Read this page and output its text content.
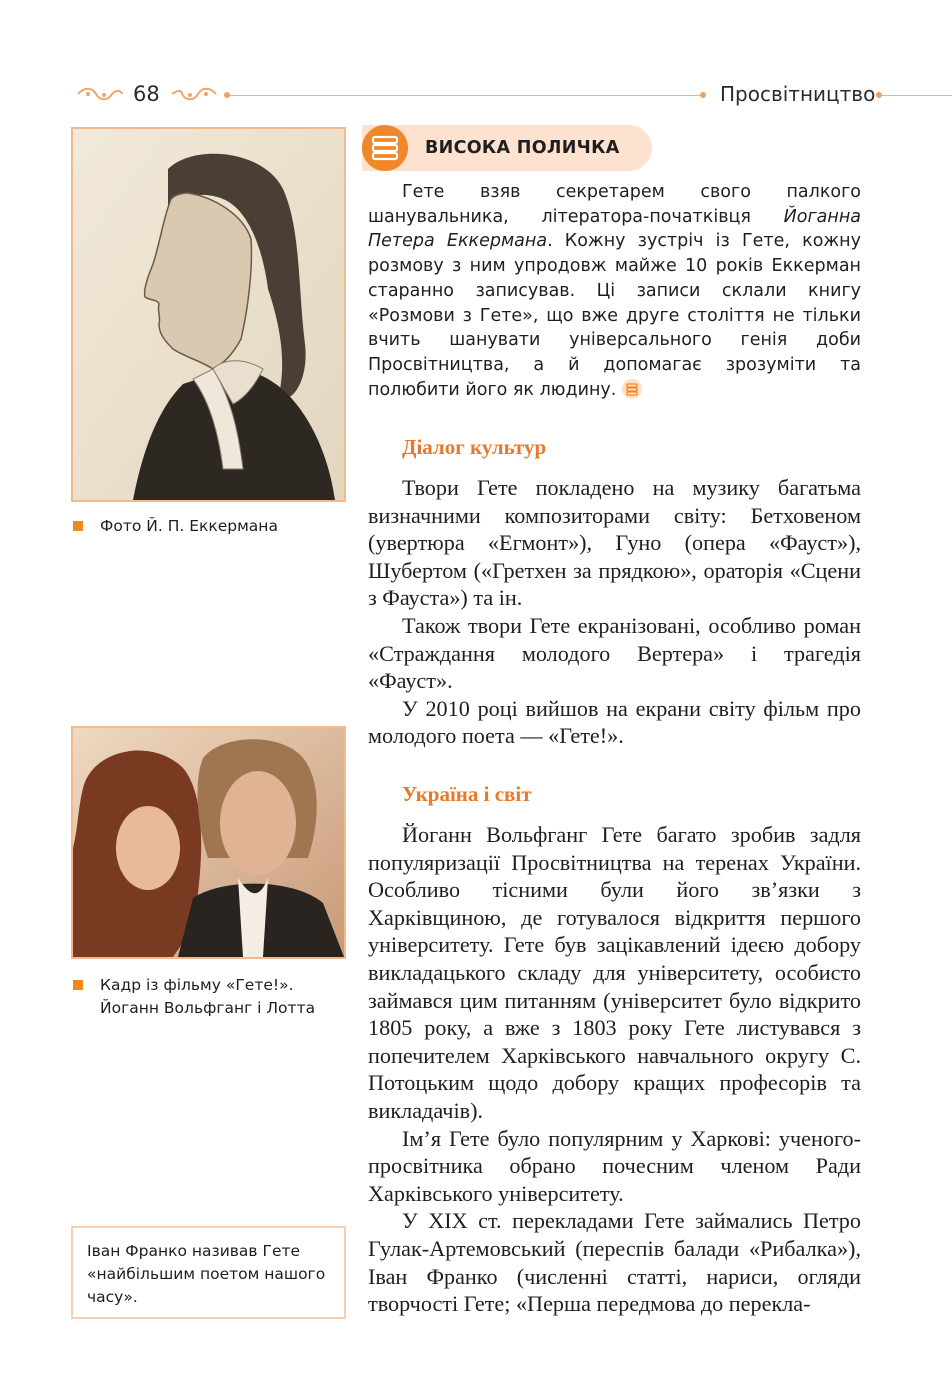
68	Просвітництво
Фото Й. П. Еккермана
Кадр із фільму «Гете!».
Йоганн Вольфганг і Лотта
Іван Франко називав Гете «найбільшим поетом нашого часу».
ВИСОКА ПОЛИЧКА

Гете взяв секретарем свого палкого шанувальника, літератора-початківця Йоганна Петера Еккермана. Кожну зустріч із Гете, кожну розмову з ним упродовж майже 10 років Еккерман старанно записував. Ці записи склали книгу «Розмови з Гете», що вже друге століття не тільки вчить шанувати універсального генія доби Просвітництва, а й допомагає зрозуміти та полюбити його як людину.

Діалог культур

Твори Гете покладено на музику багатьма визначними композиторами світу: Бетховеном (увертюра «Егмонт»), Гуно (опера «Фауст»), Шубертом («Гретхен за прядкою», ораторія «Сцени з Фауста») та ін.

Також твори Гете екранізовані, особливо роман «Страждання молодого Вертера» і трагедія «Фауст».

У 2010 році вийшов на екрани світу фільм про молодого поета — «Гете!».

Україна і світ

Йоганн Вольфганг Гете багато зробив задля популяризації Просвітництва на теренах України. Особливо тісними були його зв’язки з Харківщиною, де готувалося відкриття першого університету. Гете був зацікавлений ідеєю добору викладацького складу для університету, особисто займався цим питанням (університет було відкрито 1805 року, а вже з 1803 року Гете листувався з попечителем Харківського навчального округу С. Потоцьким щодо добору кращих професорів та викладачів).

Ім’я Гете було популярним у Харкові: ученого-просвітника обрано почесним членом Ради Харківського університету.

У XIX ст. перекладами Гете займались Петро Гулак-Артемовський (переспів балади «Рибалка»), Іван Франко (численні статті, нариси, огляди творчості Гете; «Перша передмова до перекла-
